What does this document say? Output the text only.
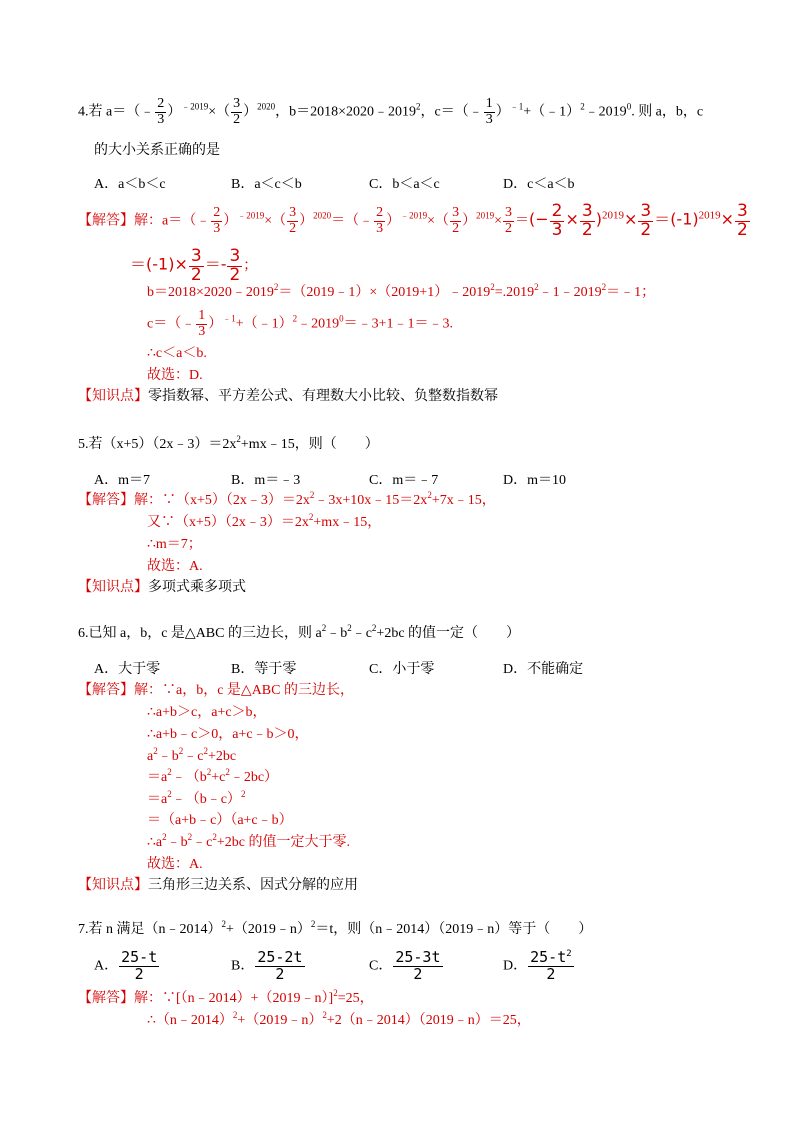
4.若 a＝（﹣ $\frac{2}{3} )^{﹣2019}\times( \frac{3}{2} )^{2020}$，$b=2018\times 2020﹣2019^2$，c＝（﹣ $\frac{1}{3}$ ）$^{﹣1}+(﹣1)^2﹣2019^0$. 则 a，b，c
的大小关系正确的是
A．a＜b＜c	B．a＜c＜b	C．b＜a＜c	D．c＜a＜b
【解答】解：a＝（﹣ $\frac{2}{3} )^{﹣2019}\times( \frac{3}{2}$ ）$^{2020}=(﹣ \frac{2}{3} )^{﹣2019}\times( \frac{3}{2} )^{2019}\times \frac{3}{2}$ ＝(− $\frac{2}{3} \times \frac{3}{2} )^{2019}\times \frac{3}{2} =(-1)^{2019}\times \frac{3}{2}$
$=(-1)\times \frac{3}{2} =- \frac{3}{2}$ ；
$b=2018\times 2020﹣2019^2=(2019﹣1)\times(2019+1)﹣2019^2=.2019^2﹣1﹣2019^2=﹣1$；
c＝（﹣ $\frac{1}{3}$ ）$^{﹣1}+(﹣1)^2﹣2019^0=﹣3+1﹣1=﹣3$.
∴c＜a＜b.
故选：D.
【知识点】零指数幂、平方差公式、有理数大小比较、负整数指数幂
5.若$(x+5)(2x﹣3)=2x^2+mx﹣15$，则（　　）
A．m＝7	B．m＝﹣3	C．m＝﹣7	D．m＝10
【解答】解：$\because(x+5)(2x﹣3)=2x^2﹣3x+10x﹣15=2x^2+7x﹣15$，
又$\because(x+5)(2x﹣3)=2x^2+mx﹣15$，
∴m＝7；
故选：A.
【知识点】多项式乘多项式
6.已知 a，b，c 是△ABC 的三边长，则 $a^2﹣b^2﹣c^2+2bc$ 的值一定（　　）
A．大于零	B．等于零	C．小于零	D．不能确定
【解答】解：∵a，b，c 是△ABC 的三边长，
∴a+b＞c，a+c＞b，
∴a+b﹣c＞0，a+c﹣b＞0，
$a^2﹣b^2﹣c^2+2bc$
$=a^2﹣(b^2+c^2﹣2bc)$
$=a^2﹣(b﹣c)^2$
＝（a+b﹣c）（a+c﹣b）
$\therefore a^2﹣b^2﹣c^2+2bc$ 的值一定大于零.
故选：A.
【知识点】三角形三边关系、因式分解的应用
7.若 n 满足（n﹣2014）$^2$+（2019﹣n）$^2$＝t，则（n﹣2014）（2019﹣n）等于（　　）
A． $\frac{25-t}{2}$	B． $\frac{25-2t}{2}$	C． $\frac{25-3t}{2}$	D． $\frac{25-t^2}{2}$
【解答】解：∵[（n﹣2014）+（2019﹣n）]$^2$=25，
∴（n﹣2014）$^2$+（2019﹣n）$^2$+2（n﹣2014）（2019﹣n）＝25，
